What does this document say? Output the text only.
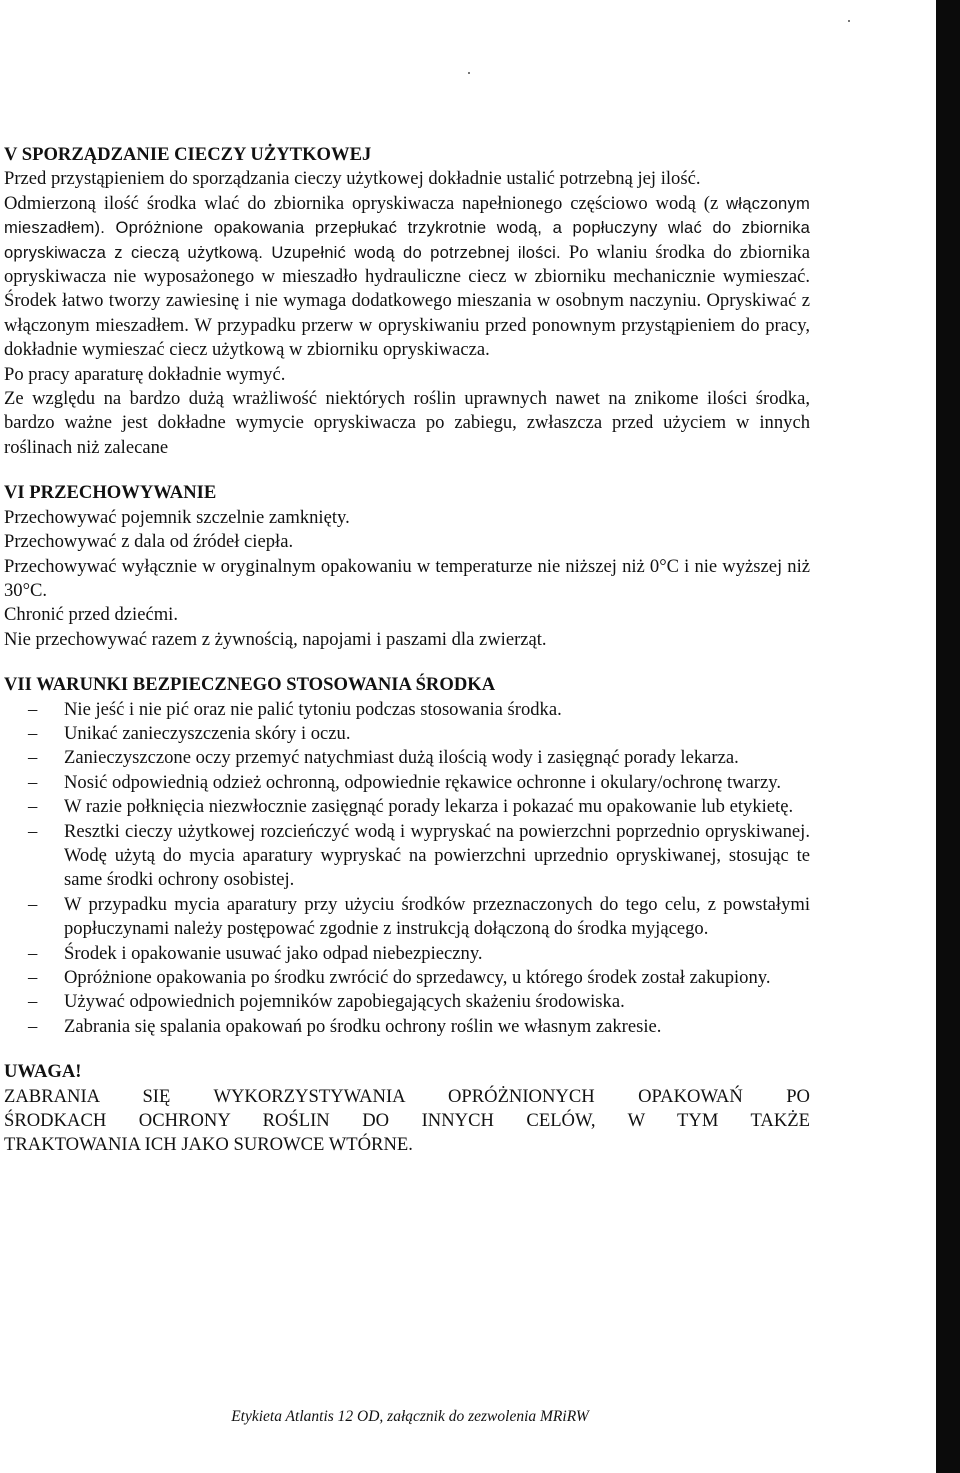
V SPORZĄDZANIE CIECZY UŻYTKOWEJ

Przed przystąpieniem do sporządzania cieczy użytkowej dokładnie ustalić potrzebną jej ilość.
Odmierzoną ilość środka wlać do zbiornika opryskiwacza napełnionego częściowo wodą (z włączonym mieszadłem). Opróżnione opakowania przepłukać trzykrotnie wodą, a popłuczyny wlać do zbiornika opryskiwacza z cieczą użytkową. Uzupełnić wodą do potrzebnej ilości. Po wlaniu środka do zbiornika opryskiwacza nie wyposażonego w mieszadło hydrauliczne ciecz w zbiorniku mechanicznie wymieszać. Środek łatwo tworzy zawiesinę i nie wymaga dodatkowego mieszania w osobnym naczyniu. Opryskiwać z włączonym mieszadłem. W przypadku przerw w opryskiwaniu przed ponownym przystąpieniem do pracy, dokładnie wymieszać ciecz użytkową w zbiorniku opryskiwacza.

Po pracy aparaturę dokładnie wymyć.

Ze względu na bardzo dużą wrażliwość niektórych roślin uprawnych nawet na znikome ilości środka, bardzo ważne jest dokładne wymycie opryskiwacza po zabiegu, zwłaszcza przed użyciem w innych roślinach niż zalecane

VI PRZECHOWYWANIE

Przechowywać pojemnik szczelnie zamknięty.

Przechowywać z dala od źródeł ciepła.

Przechowywać wyłącznie w oryginalnym opakowaniu w temperaturze nie niższej niż 0°C i nie wyższej niż 30°C.

Chronić przed dziećmi.

Nie przechowywać razem z żywnością, napojami i paszami dla zwierząt.

VII WARUNKI BEZPIECZNEGO STOSOWANIA ŚRODKA
– Nie jeść i nie pić oraz nie palić tytoniu podczas stosowania środka.
– Unikać zanieczyszczenia skóry i oczu.
– Zanieczyszczone oczy przemyć natychmiast dużą ilością wody i zasięgnąć porady lekarza.
– Nosić odpowiednią odzież ochronną, odpowiednie rękawice ochronne i okulary/ochronę twarzy.
– W razie połknięcia niezwłocznie zasięgnąć porady lekarza i pokazać mu opakowanie lub etykietę.
– Resztki cieczy użytkowej rozcieńczyć wodą i wypryskać na powierzchni poprzednio opryskiwanej. Wodę użytą do mycia aparatury wypryskać na powierzchni uprzednio opryskiwanej, stosując te same środki ochrony osobistej.
– W przypadku mycia aparatury przy użyciu środków przeznaczonych do tego celu, z powstałymi popłuczynami należy postępować zgodnie z instrukcją dołączoną do środka myjącego.
– Środek i opakowanie usuwać jako odpad niebezpieczny.
– Opróżnione opakowania po środku zwrócić do sprzedawcy, u którego środek został zakupiony.
– Używać odpowiednich pojemników zapobiegających skażeniu środowiska.
– Zabrania się spalania opakowań po środku ochrony roślin we własnym zakresie.
UWAGA!

ZABRANIA SIĘ WYKORZYSTYWANIA OPRÓŻNIONYCH OPAKOWAŃ PO

ŚRODKACH OCHRONY ROŚLIN DO INNYCH CELÓW, W TYM TAKŻE

TRAKTOWANIA ICH JAKO SUROWCE WTÓRNE.

Etykieta Atlantis 12 OD, załącznik do zezwolenia MRiRW
